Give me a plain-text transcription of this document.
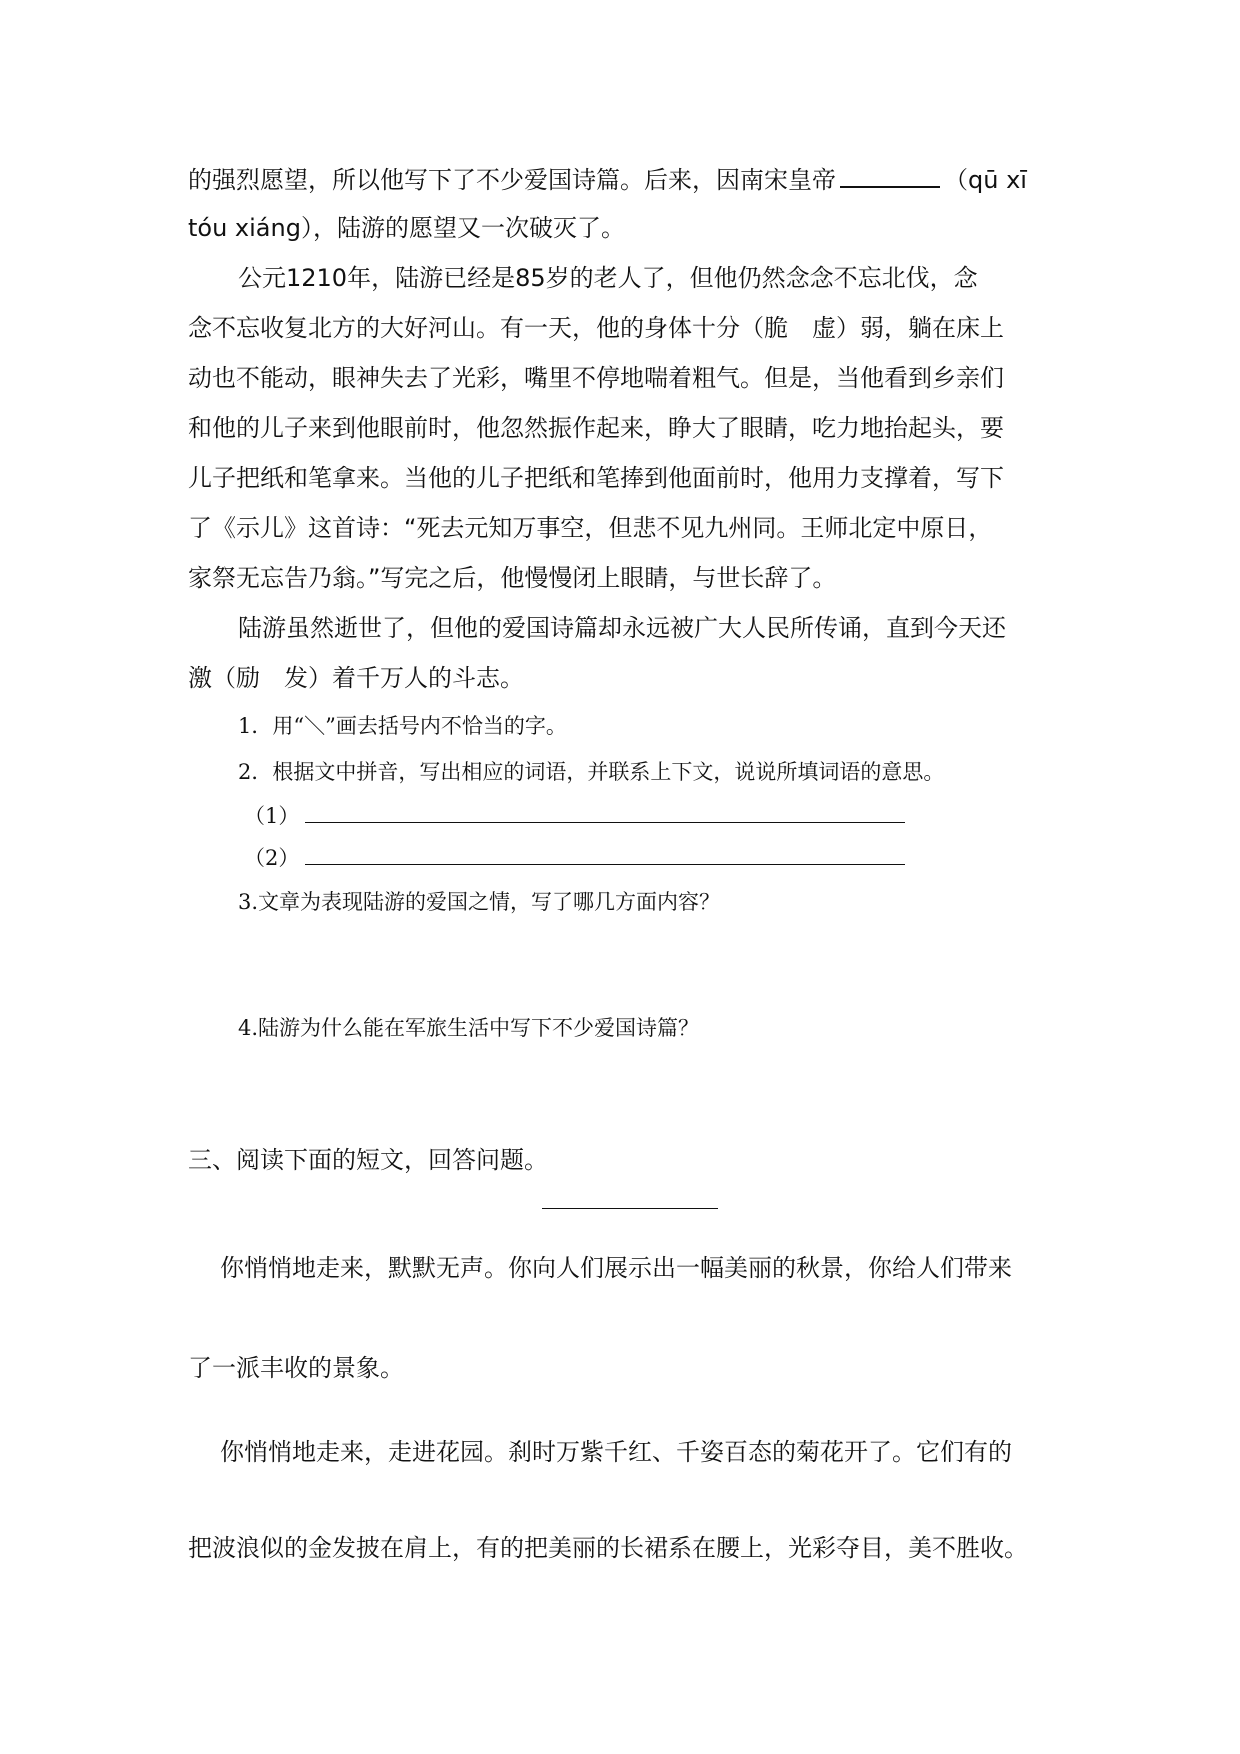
的强烈愿望，所以他写下了不少爱国诗篇。后来，因南宋皇帝	（qū xī
tóu xiáng），陆游的愿望又一次破灭了。
公元1210年，陆游已经是85岁的老人了，但他仍然念念不忘北伐，念
念不忘收复北方的大好河山。有一天，他的身体十分（脆　虚）弱，躺在床上
动也不能动，眼神失去了光彩，嘴里不停地喘着粗气。但是，当他看到乡亲们
和他的儿子来到他眼前时，他忽然振作起来，睁大了眼睛，吃力地抬起头，要
儿子把纸和笔拿来。当他的儿子把纸和笔捧到他面前时，他用力支撑着，写下
了《示儿》这首诗：“死去元知万事空，但悲不见九州同。王师北定中原日，
家祭无忘告乃翁。”写完之后，他慢慢闭上眼睛，与世长辞了。
陆游虽然逝世了，但他的爱国诗篇却永远被广大人民所传诵，直到今天还
激（励　发）着千万人的斗志。
1．用“＼”画去括号内不恰当的字。
2．根据文中拼音，写出相应的词语，并联系上下文，说说所填词语的意思。
（1）
（2）
3.文章为表现陆游的爱国之情，写了哪几方面内容？
4.陆游为什么能在军旅生活中写下不少爱国诗篇？
三、阅读下面的短文，回答问题。
你悄悄地走来，默默无声。你向人们展示出一幅美丽的秋景，你给人们带来
了一派丰收的景象。
你悄悄地走来，走进花园。刹时万紫千红、千姿百态的菊花开了。它们有的
把波浪似的金发披在肩上，有的把美丽的长裙系在腰上，光彩夺目，美不胜收。
